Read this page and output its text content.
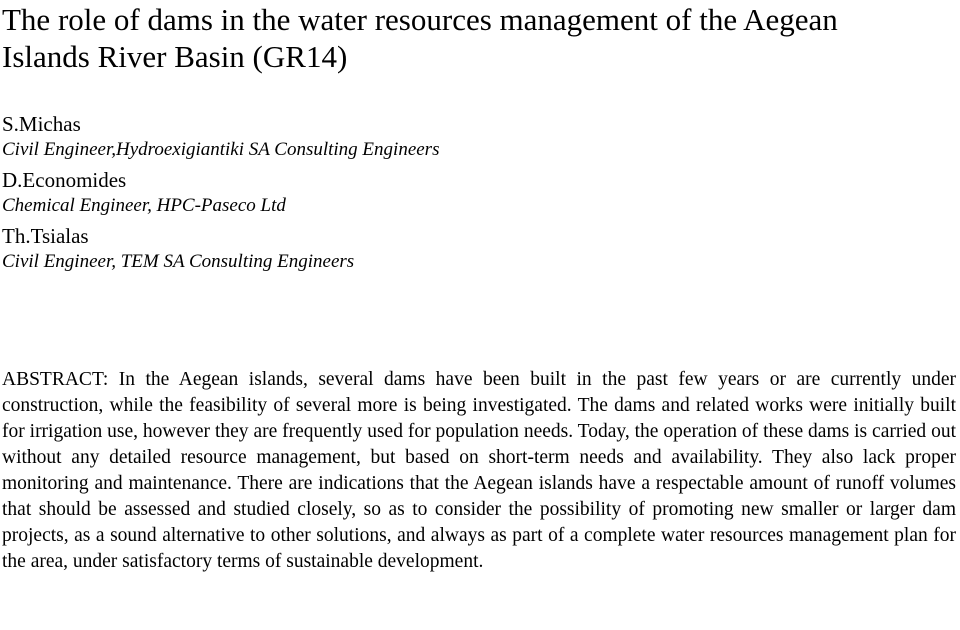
The role of dams in the water resources management of the Aegean
Islands River Basin (GR14)
S.Michas
Civil Engineer,Hydroexigiantiki SA Consulting Engineers
D.Economides
Chemical Engineer, HPC-Paseco Ltd
Th.Tsialas
Civil Engineer, TEM SA Consulting Engineers

ABSTRACT: In the Aegean islands, several dams have been built in the past few years or are currently under construction, while the feasibility of several more is being investigated. The dams and related works were initially built for irrigation use, however they are frequently used for population needs. Today, the operation of these dams is carried out without any detailed resource management, but based on short-term needs and availability. They also lack proper monitoring and maintenance. There are indications that the Aegean islands have a respectable amount of runoff volumes that should be assessed and studied closely, so as to consider the possibility of promoting new smaller or larger dam projects, as a sound alternative to other solutions, and always as part of a complete water resources management plan for the area, under satisfactory terms of sustainable development.
